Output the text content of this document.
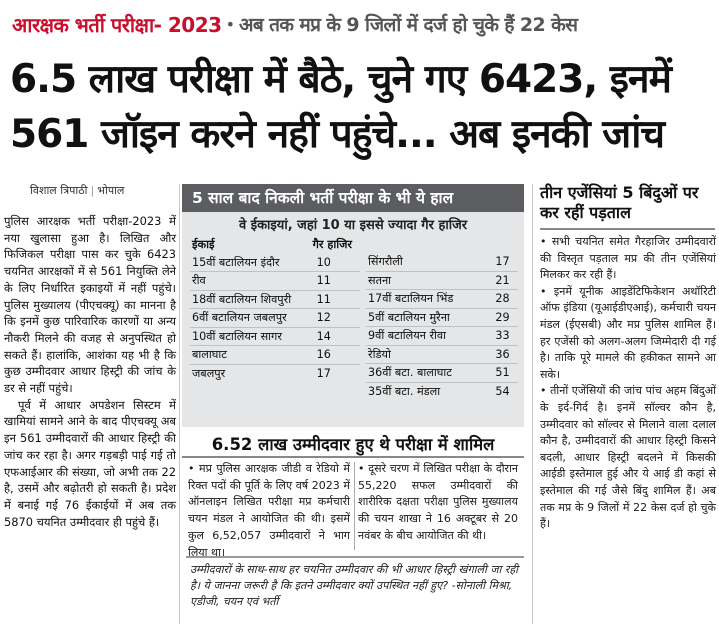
आरक्षक भर्ती परीक्षा- 2023 • अब तक मप्र के 9 जिलों में दर्ज हो चुके हैं 22 केस
6.5 लाख परीक्षा में बैठे, चुने गए 6423, इनमें
561 जॉइन करने नहीं पहुंचे... अब इनकी जांच
विशाल त्रिपाठी | भोपाल

पुलिस आरक्षक भर्ती परीक्षा-2023 में नया खुलासा हुआ है। लिखित और फिजिकल परीक्षा पास कर चुके 6423 चयनित आरक्षकों में से 561 नियुक्ति लेने के लिए निर्धारित इकाइयों में नहीं पहुंचे। पुलिस मुख्यालय (पीएचक्यू) का मानना है कि इनमें कुछ पारिवारिक कारणों या अन्य नौकरी मिलने की वजह से अनुपस्थित हो सकते हैं। हालांकि, आशंका यह भी है कि कुछ उम्मीदवार आधार हिस्ट्री की जांच के डर से नहीं पहुंचे।

पूर्व में आधार अपडेशन सिस्टम में खामियां सामने आने के बाद पीएचक्यू अब इन 561 उम्मीदवारों की आधार हिस्ट्री की जांच कर रहा है। अगर गड़बड़ी पाई गई तो एफआईआर की संख्या, जो अभी तक 22 है, उसमें और बढ़ोतरी हो सकती है। प्रदेश में बनाई गई 76 ईकाईयों में अब तक 5870 चयनित उम्मीदवार ही पहुंचे हैं।

5 साल बाद निकली भर्ती परीक्षा के भी ये हाल
वे ईकाइयां, जहां 10 या इससे ज्यादा गैर हाजिर
ईकाई	गैर हाजिर
15वीं बटालियन इंदौर	10
रीव	11
18वीं बटालियन शिवपुरी	11
6वीं बटालियन जबलपुर	12
10वीं बटालियन सागर	14
बालाघाट	16
जबलपुर	17
सिंगरौली	17
सतना	21
17वीं बटालियन भिंड	28
5वीं बटालियन मुरैना	29
9वीं बटालियन रीवा	33
रेडियो	36
36वीं बटा. बालाघाट	51
35वीं बटा. मंडला	54
6.52 लाख उम्मीदवार हुए थे परीक्षा में शामिल
• मप्र पुलिस आरक्षक जीडी व रेडियो में रिक्त पदों की पूर्ति के लिए वर्ष 2023 में ऑनलाइन लिखित परीक्षा मप्र कर्मचारी चयन मंडल ने आयोजित की थी। इसमें कुल 6,52,057 उम्मीदवारों ने भाग लिया था।
• दूसरे चरण में लिखित परीक्षा के दौरान 55,220 सफल उम्मीदवारों की शारीरिक दक्षता परीक्षा पुलिस मुख्यालय की चयन शाखा ने 16 अक्टूबर से 20 नवंबर के बीच आयोजित की थी।
उम्मीदवारों के साथ-साथ हर चयनित उम्मीदवार की भी आधार हिस्ट्री खंगाली जा रही है। ये जानना जरूरी है कि इतने उम्मीदवार क्यों उपस्थित नहीं हुए? -सोनाली मिश्रा, एडीजी, चयन एवं भर्ती
तीन एजेंसियां 5 बिंदुओं पर कर रहीं पड़ताल

• सभी चयनित समेत गैरहाजिर उम्मीदवारों की विस्तृत पड़ताल मप्र की तीन एजेंसियां मिलकर कर रही हैं।

• इनमें यूनीक आइडेंटिफिकेशन अथॉरिटी ऑफ इंडिया (यूआईडीएआई), कर्मचारी चयन मंडल (ईएसबी) और मप्र पुलिस शामिल हैं। हर एजेंसी को अलग-अलग जिम्मेदारी दी गई है। ताकि पूरे मामले की हकीकत सामने आ सके।

• तीनों एजेंसियों की जांच पांच अहम बिंदुओं के इर्द-गिर्द है। इनमें सॉल्वर कौन है, उम्मीदवार को सॉल्वर से मिलाने वाला दलाल कौन है, उम्मीदवारों की आधार हिस्ट्री किसने बदली, आधार हिस्ट्री बदलने में किसकी आईडी इस्तेमाल हुई और ये आई डी कहां से इस्तेमाल की गई जैसे बिंदु शामिल हैं। अब तक मप्र के 9 जिलों में 22 केस दर्ज हो चुके हैं।
